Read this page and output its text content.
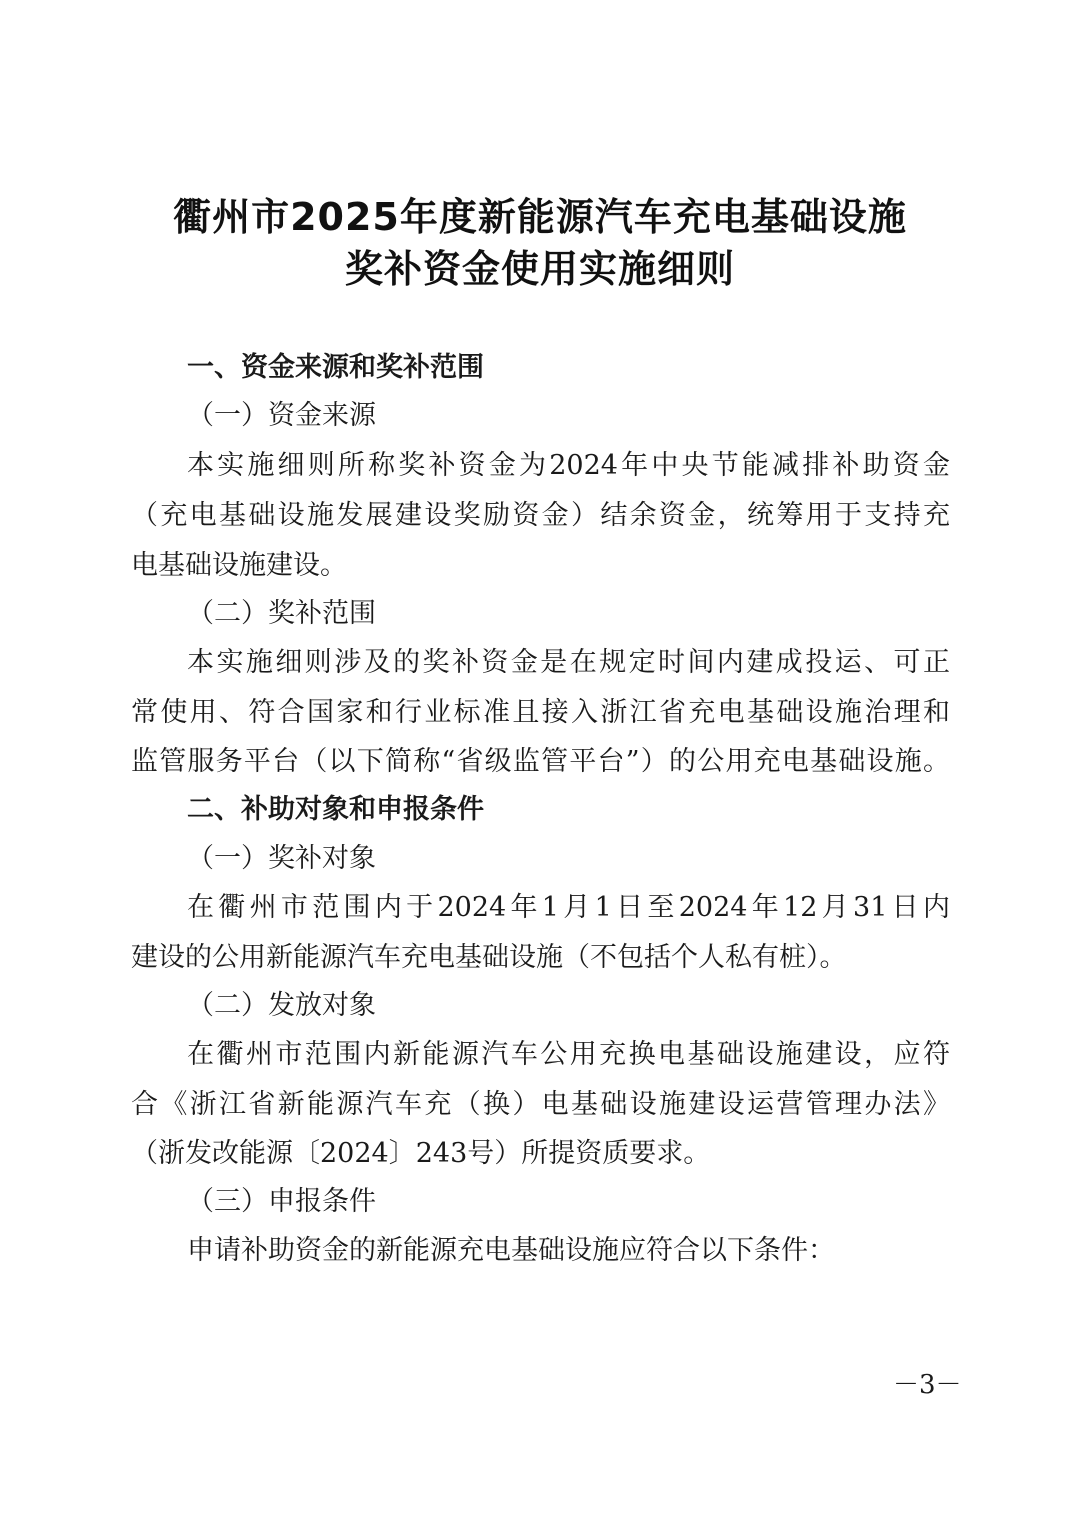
衢州市2025年度新能源汽车充电基础设施
奖补资金使用实施细则
一、资金来源和奖补范围
（一）资金来源
本实施细则所称奖补资金为2024年中央节能减排补助资金
（充电基础设施发展建设奖励资金）结余资金，统筹用于支持充
电基础设施建设。
（二）奖补范围
本实施细则涉及的奖补资金是在规定时间内建成投运、可正
常使用、符合国家和行业标准且接入浙江省充电基础设施治理和
监管服务平台（以下简称“省级监管平台”）的公用充电基础设施。
二、补助对象和申报条件
（一）奖补对象
在衢州市范围内于2024年1月1日至2024年12月31日内
建设的公用新能源汽车充电基础设施（不包括个人私有桩）。
（二）发放对象
在衢州市范围内新能源汽车公用充换电基础设施建设，应符
合《浙江省新能源汽车充（换）电基础设施建设运营管理办法》
（浙发改能源〔2024〕243号）所提资质要求。
（三）申报条件
申请补助资金的新能源充电基础设施应符合以下条件：
－3－
